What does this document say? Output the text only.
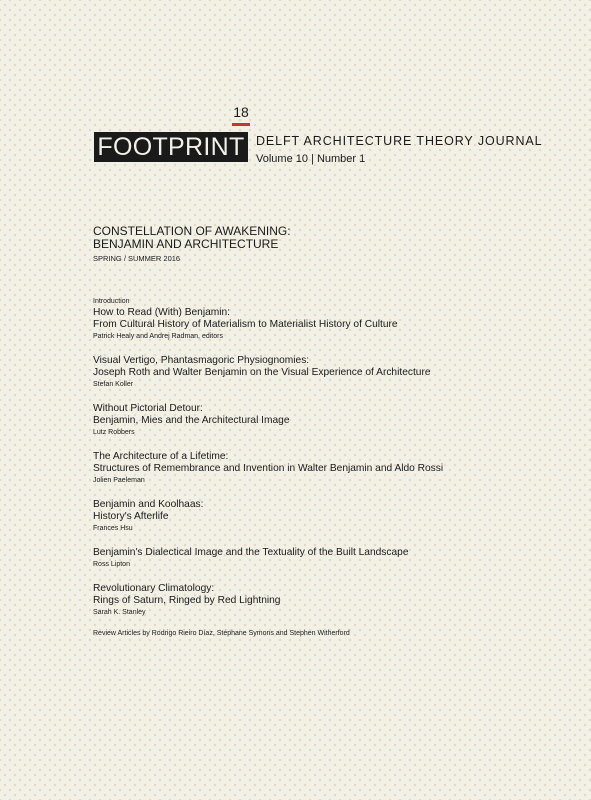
18
FOOTPRINT DELFT ARCHITECTURE THEORY JOURNAL
Volume 10 | Number 1
CONSTELLATION OF AWAKENING:
BENJAMIN AND ARCHITECTURE
SPRING / SUMMER 2016
Introduction
How to Read (With) Benjamin:
From Cultural History of Materialism to Materialist History of Culture
Patrick Healy and Andrej Radman, editors
Visual Vertigo, Phantasmagoric Physiognomies:
Joseph Roth and Walter Benjamin on the Visual Experience of Architecture
Stefan Koller
Without Pictorial Detour:
Benjamin, Mies and the Architectural Image
Lutz Robbers
The Architecture of a Lifetime:
Structures of Remembrance and Invention in Walter Benjamin and Aldo Rossi
Jolien Paeleman
Benjamin and Koolhaas:
History's Afterlife
Frances Hsu
Benjamin's Dialectical Image and the Textuality of the Built Landscape
Ross Lipton
Revolutionary Climatology:
Rings of Saturn, Ringed by Red Lightning
Sarah K. Stanley
Review Articles by Rodrigo Rieiro Díaz, Stéphane Symons and Stephen Witherford
